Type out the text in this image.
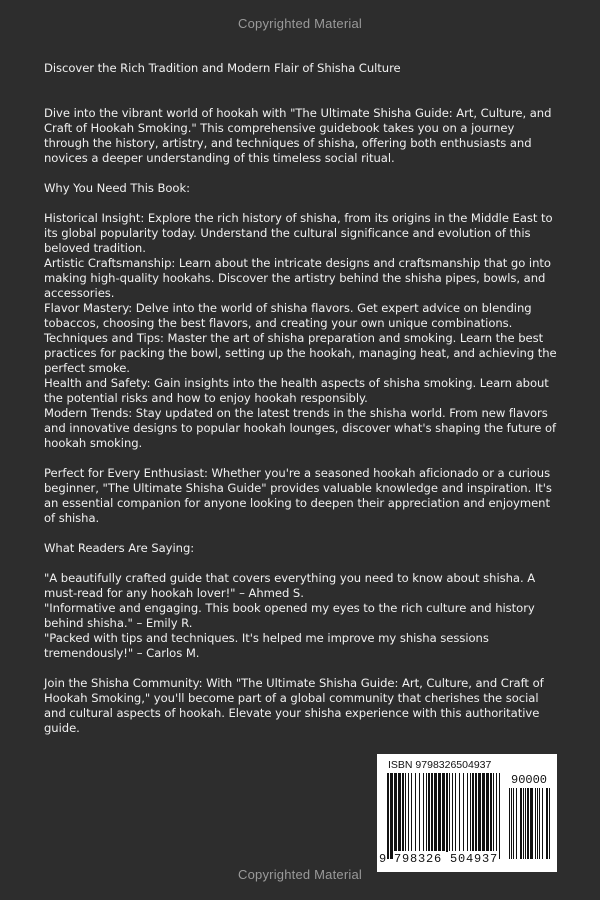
Copyrighted Material

Discover the Rich Tradition and Modern Flair of Shisha Culture

Dive into the vibrant world of hookah with "The Ultimate Shisha Guide: Art, Culture, and Craft of Hookah Smoking." This comprehensive guidebook takes you on a journey through the history, artistry, and techniques of shisha, offering both enthusiasts and novices a deeper understanding of this timeless social ritual.

Why You Need This Book:

Historical Insight: Explore the rich history of shisha, from its origins in the Middle East to its global popularity today. Understand the cultural significance and evolution of this beloved tradition.

Artistic Craftsmanship: Learn about the intricate designs and craftsmanship that go into making high-quality hookahs. Discover the artistry behind the shisha pipes, bowls, and accessories.

Flavor Mastery: Delve into the world of shisha flavors. Get expert advice on blending tobaccos, choosing the best flavors, and creating your own unique combinations.

Techniques and Tips: Master the art of shisha preparation and smoking. Learn the best practices for packing the bowl, setting up the hookah, managing heat, and achieving the perfect smoke.

Health and Safety: Gain insights into the health aspects of shisha smoking. Learn about the potential risks and how to enjoy hookah responsibly.

Modern Trends: Stay updated on the latest trends in the shisha world. From new flavors and innovative designs to popular hookah lounges, discover what's shaping the future of hookah smoking.

Perfect for Every Enthusiast: Whether you're a seasoned hookah aficionado or a curious beginner, "The Ultimate Shisha Guide" provides valuable knowledge and inspiration. It's an essential companion for anyone looking to deepen their appreciation and enjoyment of shisha.

What Readers Are Saying:

"A beautifully crafted guide that covers everything you need to know about shisha. A must-read for any hookah lover!" – Ahmed S.

"Informative and engaging. This book opened my eyes to the rich culture and history behind shisha." – Emily R.

"Packed with tips and techniques. It's helped me improve my shisha sessions tremendously!" – Carlos M.

Join the Shisha Community: With "The Ultimate Shisha Guide: Art, Culture, and Craft of Hookah Smoking," you'll become part of a global community that cherishes the social and cultural aspects of hookah. Elevate your shisha experience with this authoritative guide.

ISBN 9798326504937
90000
9 798326 504937
Copyrighted Material
